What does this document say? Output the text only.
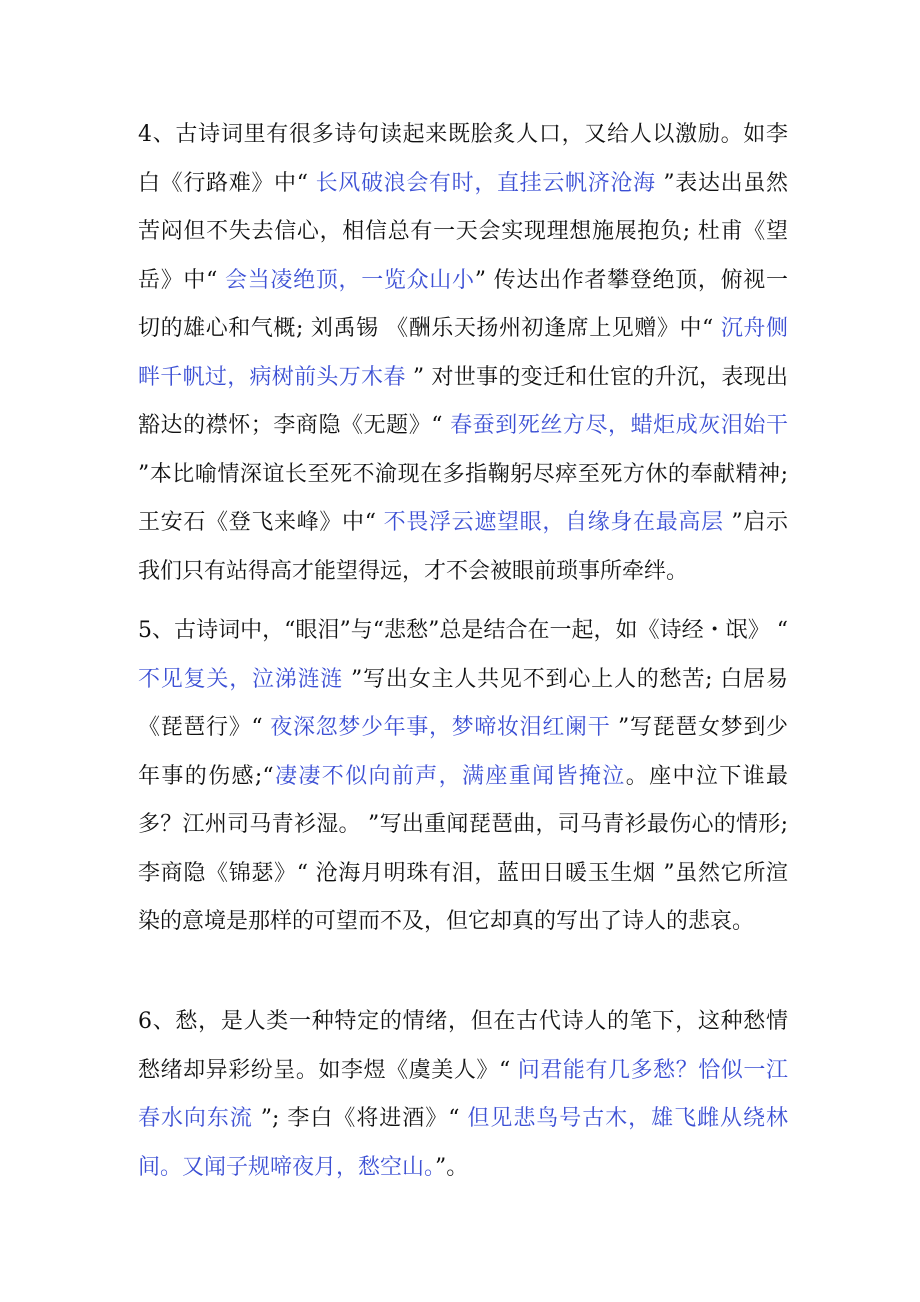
4、古诗词里有很多诗句读起来既脍炙人口，又给人以激励。如李白《行路难》中“ 长风破浪会有时，直挂云帆济沧海 ”表达出虽然苦闷但不失去信心，相信总有一天会实现理想施展抱负; 杜甫《望岳》中“ 会当凌绝顶，一览众山小” 传达出作者攀登绝顶，俯视一切的雄心和气概; 刘禹锡 《酬乐天扬州初逢席上见赠》中“ 沉舟侧畔千帆过，病树前头万木春 ” 对世事的变迁和仕宦的升沉，表现出豁达的襟怀；李商隐《无题》“ 春蚕到死丝方尽，蜡炬成灰泪始干 ”本比喻情深谊长至死不渝现在多指鞠躬尽瘁至死方休的奉献精神; 王安石《登飞来峰》中“ 不畏浮云遮望眼，自缘身在最高层 ”启示我们只有站得高才能望得远，才不会被眼前琐事所牵绊。

5、古诗词中，“眼泪”与“悲愁”总是结合在一起，如《诗经・氓》 “ 不见复关，泣涕涟涟 ”写出女主人共见不到心上人的愁苦; 白居易《琵琶行》“ 夜深忽梦少年事，梦啼妆泪红阑干 ”写琵琶女梦到少年事的伤感;“凄凄不似向前声，满座重闻皆掩泣。座中泣下谁最多？江州司马青衫湿。 ”写出重闻琵琶曲，司马青衫最伤心的情形; 李商隐《锦瑟》“ 沧海月明珠有泪，蓝田日暖玉生烟 ”虽然它所渲染的意境是那样的可望而不及，但它却真的写出了诗人的悲哀。

6、愁，是人类一种特定的情绪，但在古代诗人的笔下，这种愁情愁绪却异彩纷呈。如李煜《虞美人》“ 问君能有几多愁？恰似一江春水向东流 ”; 李白《将进酒》“ 但见悲鸟号古木，雄飞雌从绕林间。又闻子规啼夜月，愁空山。”。
